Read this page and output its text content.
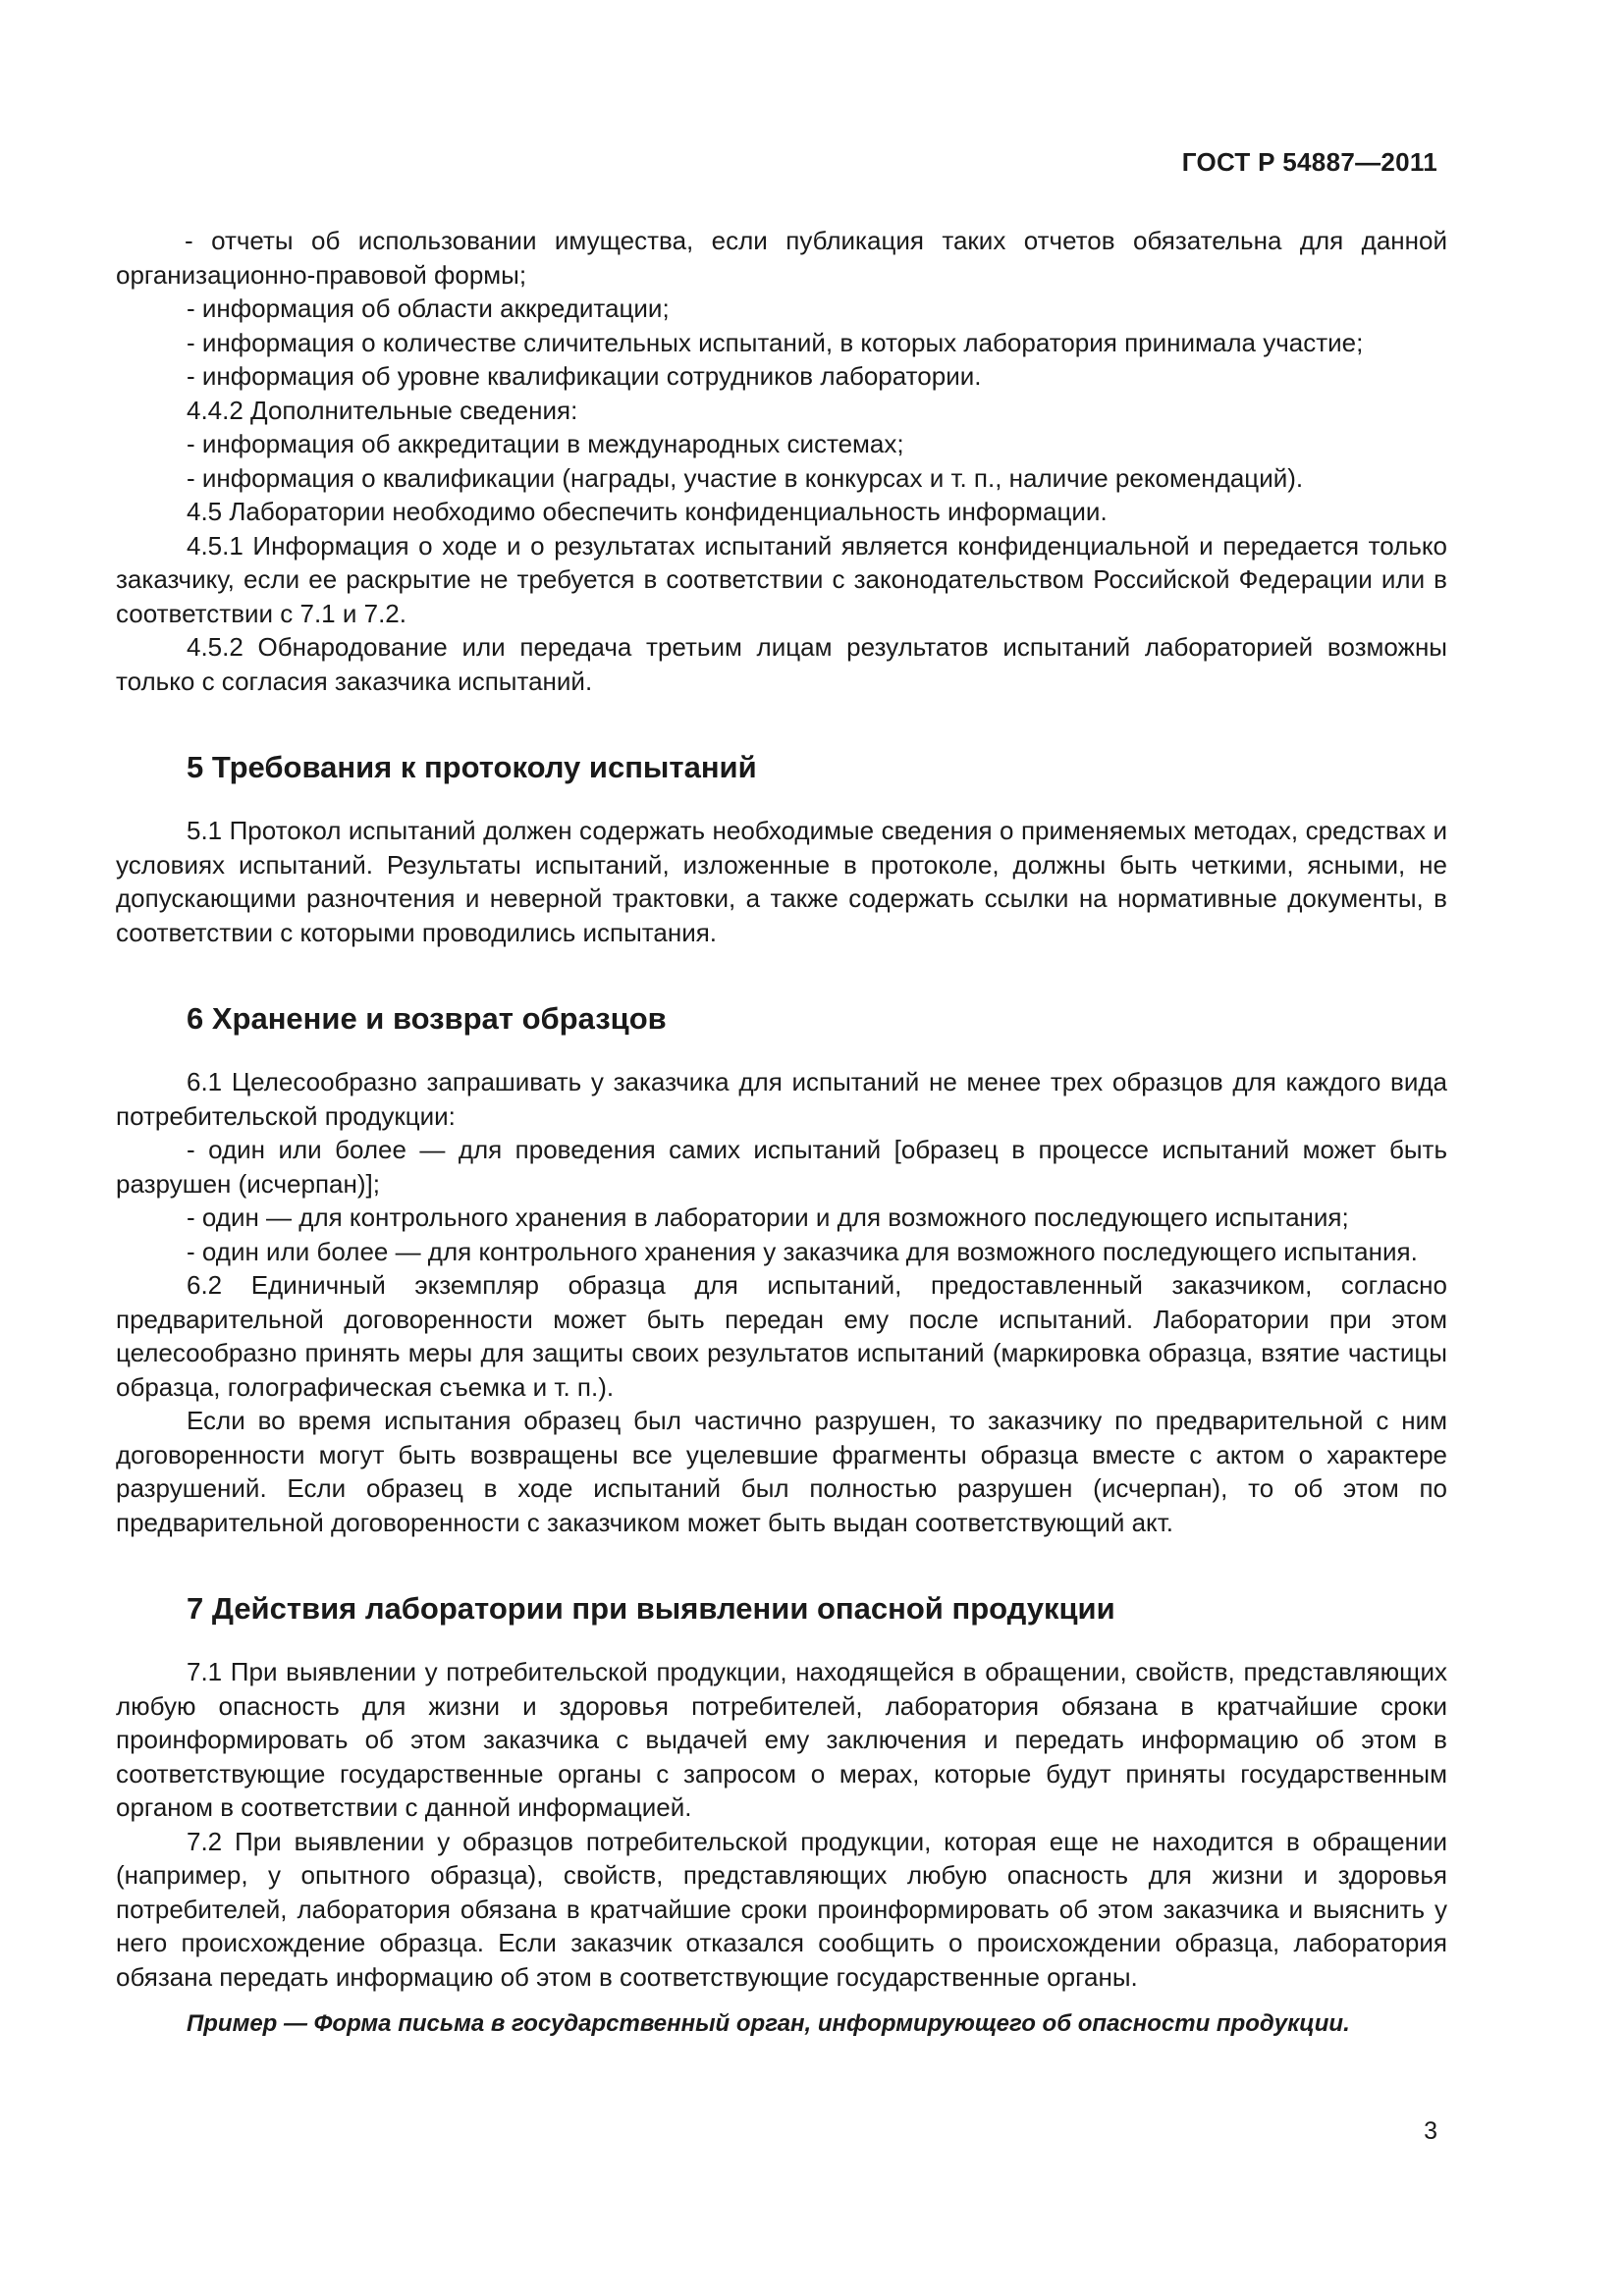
ГОСТ Р 54887—2011

- отчеты об использовании имущества, если публикация таких отчетов обязательна для данной организационно-правовой формы;

- информация об области аккредитации;

- информация о количестве сличительных испытаний, в которых лаборатория принимала участие;

- информация об уровне квалификации сотрудников лаборатории.

4.4.2 Дополнительные сведения:

- информация об аккредитации в международных системах;

- информация о квалификации (награды, участие в конкурсах и т. п., наличие рекомендаций).

4.5 Лаборатории необходимо обеспечить конфиденциальность информации.

4.5.1 Информация о ходе и о результатах испытаний является конфиденциальной и передается только заказчику, если ее раскрытие не требуется в соответствии с законодательством Российской Федерации или в соответствии с 7.1 и 7.2.

4.5.2 Обнародование или передача третьим лицам результатов испытаний лабораторией возможны только с согласия заказчика испытаний.

5 Требования к протоколу испытаний

5.1 Протокол испытаний должен содержать необходимые сведения о применяемых методах, средствах и условиях испытаний. Результаты испытаний, изложенные в протоколе, должны быть четкими, ясными, не допускающими разночтения и неверной трактовки, а также содержать ссылки на нормативные документы, в соответствии с которыми проводились испытания.

6 Хранение и возврат образцов

6.1 Целесообразно запрашивать у заказчика для испытаний не менее трех образцов для каждого вида потребительской продукции:

- один или более — для проведения самих испытаний [образец в процессе испытаний может быть разрушен (исчерпан)];

- один — для контрольного хранения в лаборатории и для возможного последующего испытания;

- один или более — для контрольного хранения у заказчика для возможного последующего испытания.

6.2 Единичный экземпляр образца для испытаний, предоставленный заказчиком, согласно предварительной договоренности может быть передан ему после испытаний. Лаборатории при этом целесообразно принять меры для защиты своих результатов испытаний (маркировка образца, взятие частицы образца, голографическая съемка и т. п.).

Если во время испытания образец был частично разрушен, то заказчику по предварительной с ним договоренности могут быть возвращены все уцелевшие фрагменты образца вместе с актом о характере разрушений. Если образец в ходе испытаний был полностью разрушен (исчерпан), то об этом по предварительной договоренности с заказчиком может быть выдан соответствующий акт.

7 Действия лаборатории при выявлении опасной продукции

7.1 При выявлении у потребительской продукции, находящейся в обращении, свойств, представляющих любую опасность для жизни и здоровья потребителей, лаборатория обязана в кратчайшие сроки проинформировать об этом заказчика с выдачей ему заключения и передать информацию об этом в соответствующие государственные органы с запросом о мерах, которые будут приняты государственным органом в соответствии с данной информацией.

7.2 При выявлении у образцов потребительской продукции, которая еще не находится в обращении (например, у опытного образца), свойств, представляющих любую опасность для жизни и здоровья потребителей, лаборатория обязана в кратчайшие сроки проинформировать об этом заказчика и выяснить у него происхождение образца. Если заказчик отказался сообщить о происхождении образца, лаборатория обязана передать информацию об этом в соответствующие государственные органы.

Пример — Форма письма в государственный орган, информирующего об опасности продукции.

3
